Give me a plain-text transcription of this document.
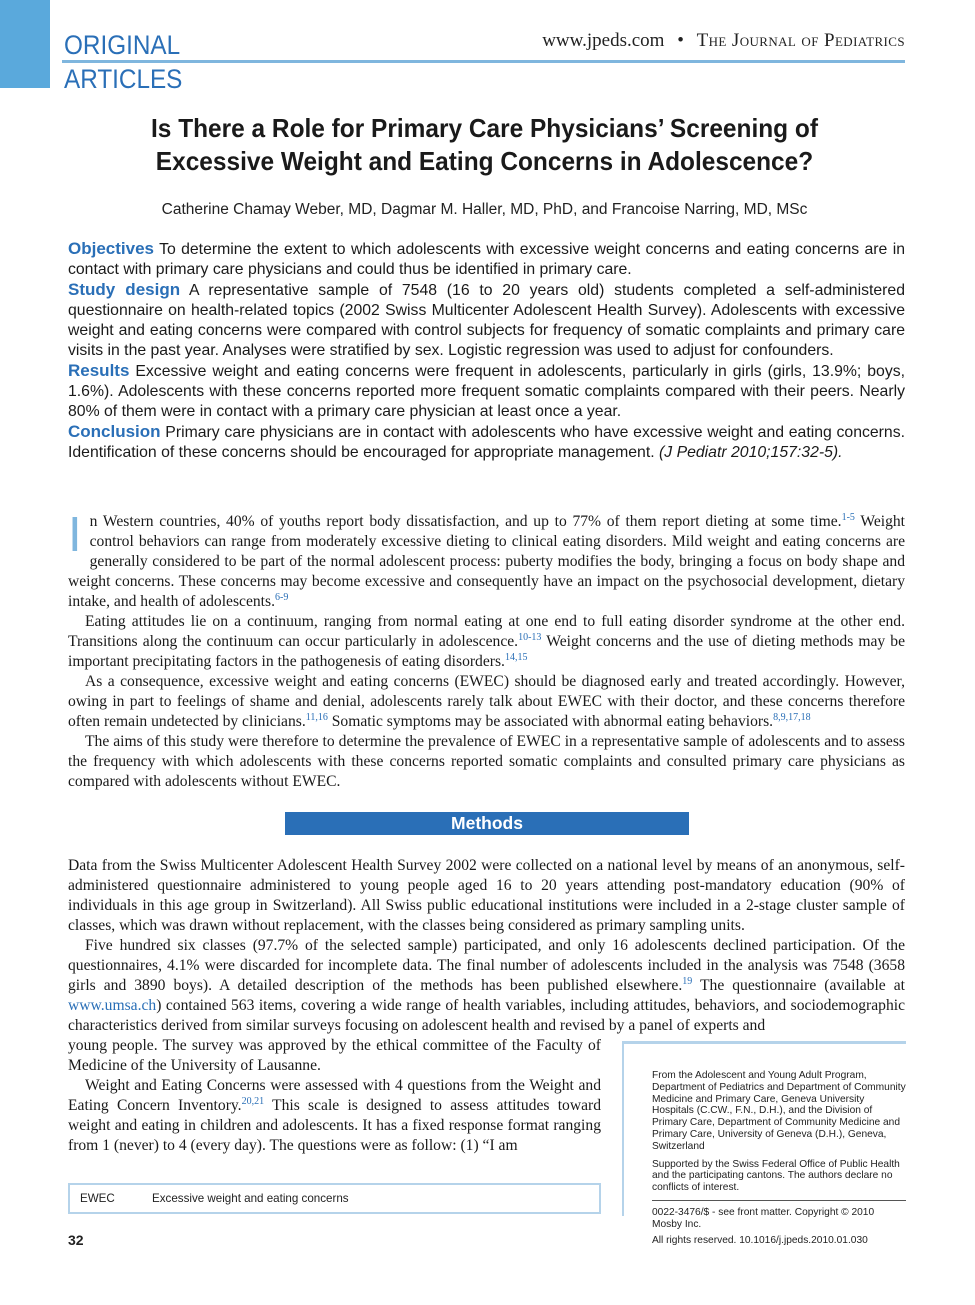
ORIGINAL
ARTICLES
www.jpeds.com • The Journal of Pediatrics
Is There a Role for Primary Care Physicians’ Screening of Excessive Weight and Eating Concerns in Adolescence?
Catherine Chamay Weber, MD, Dagmar M. Haller, MD, PhD, and Francoise Narring, MD, MSc

Objectives To determine the extent to which adolescents with excessive weight concerns and eating concerns are in contact with primary care physicians and could thus be identified in primary care.

Study design A representative sample of 7548 (16 to 20 years old) students completed a self-administered questionnaire on health-related topics (2002 Swiss Multicenter Adolescent Health Survey). Adolescents with excessive weight and eating concerns were compared with control subjects for frequency of somatic complaints and primary care visits in the past year. Analyses were stratified by sex. Logistic regression was used to adjust for confounders.

Results Excessive weight and eating concerns were frequent in adolescents, particularly in girls (girls, 13.9%; boys, 1.6%). Adolescents with these concerns reported more frequent somatic complaints compared with their peers. Nearly 80% of them were in contact with a primary care physician at least once a year.

Conclusion Primary care physicians are in contact with adolescents who have excessive weight and eating concerns. Identification of these concerns should be encouraged for appropriate management. (J Pediatr 2010;157:32-5).

In Western countries, 40% of youths report body dissatisfaction, and up to 77% of them report dieting at some time.$^{1-5}$ Weight control behaviors can range from moderately excessive dieting to clinical eating disorders. Mild weight and eating concerns are generally considered to be part of the normal adolescent process: puberty modifies the body, bringing a focus on body shape and weight concerns. These concerns may become excessive and consequently have an impact on the psychosocial development, dietary intake, and health of adolescents.$^{6-9}$

Eating attitudes lie on a continuum, ranging from normal eating at one end to full eating disorder syndrome at the other end. Transitions along the continuum can occur particularly in adolescence.$^{10-13}$ Weight concerns and the use of dieting methods may be important precipitating factors in the pathogenesis of eating disorders.$^{14,15}$

As a consequence, excessive weight and eating concerns (EWEC) should be diagnosed early and treated accordingly. However, owing in part to feelings of shame and denial, adolescents rarely talk about EWEC with their doctor, and these concerns therefore often remain undetected by clinicians.$^{11,16}$ Somatic symptoms may be associated with abnormal eating behaviors.$^{8,9,17,18}$

The aims of this study were therefore to determine the prevalence of EWEC in a representative sample of adolescents and to assess the frequency with which adolescents with these concerns reported somatic complaints and consulted primary care physicians as compared with adolescents without EWEC.

Methods

Data from the Swiss Multicenter Adolescent Health Survey 2002 were collected on a national level by means of an anonymous, self-administered questionnaire administered to young people aged 16 to 20 years attending post-mandatory education (90% of individuals in this age group in Switzerland). All Swiss public educational institutions were included in a 2-stage cluster sample of classes, which was drawn without replacement, with the classes being considered as primary sampling units.

Five hundred six classes (97.7% of the selected sample) participated, and only 16 adolescents declined participation. Of the questionnaires, 4.1% were discarded for incomplete data. The final number of adolescents included in the analysis was 7548 (3658 girls and 3890 boys). A detailed description of the methods has been published elsewhere.$^{19}$ The questionnaire (available at www.umsa.ch) contained 563 items, covering a wide range of health variables, including attitudes, behaviors, and sociodemographic characteristics derived from similar surveys focusing on adolescent health and revised by a panel of experts and

young people. The survey was approved by the ethical committee of the Faculty of Medicine of the University of Lausanne.

Weight and Eating Concerns were assessed with 4 questions from the Weight and Eating Concern Inventory.$^{20,21}$ This scale is designed to assess attitudes toward weight and eating in children and adolescents. It has a fixed response format ranging from 1 (never) to 4 (every day). The questions were as follow: (1) “I am

From the Adolescent and Young Adult Program, Department of Pediatrics and Department of Community Medicine and Primary Care, Geneva University Hospitals (C.CW., F.N., D.H.), and the Division of Primary Care, Department of Community Medicine and Primary Care, University of Geneva (D.H.), Geneva, Switzerland

Supported by the Swiss Federal Office of Public Health and the participating cantons. The authors declare no conflicts of interest.

0022-3476/$ - see front matter. Copyright © 2010 Mosby Inc.
All rights reserved. 10.1016/j.jpeds.2010.01.030
EWEC	Excessive weight and eating concerns
32
